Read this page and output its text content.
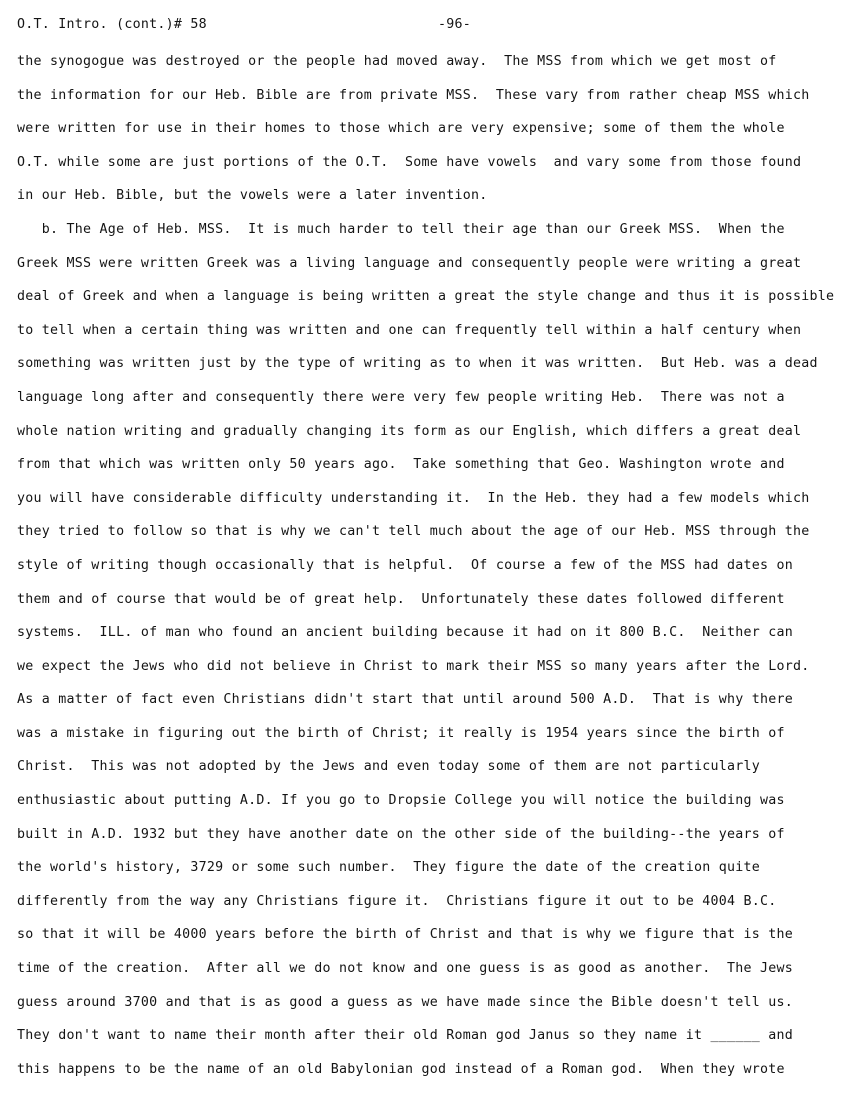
O.T. Intro. (cont.)# 58	-96-
the synogogue was destroyed or the people had moved away.  The MSS from which we get most of
the information for our Heb. Bible are from private MSS.  These vary from rather cheap MSS which
were written for use in their homes to those which are very expensive; some of them the whole
O.T. while some are just portions of the O.T.  Some have vowels  and vary some from those found
in our Heb. Bible, but the vowels were a later invention.
b. The Age of Heb. MSS.  It is much harder to tell their age than our Greek MSS.  When the
Greek MSS were written Greek was a living language and consequently people were writing a great
deal of Greek and when a language is being written a great the style change and thus it is possible
to tell when a certain thing was written and one can frequently tell within a half century when
something was written just by the type of writing as to when it was written.  But Heb. was a dead
language long after and consequently there were very few people writing Heb.  There was not a
whole nation writing and gradually changing its form as our English, which differs a great deal
from that which was written only 50 years ago.  Take something that Geo. Washington wrote and
you will have considerable difficulty understanding it.  In the Heb. they had a few models which
they tried to follow so that is why we can't tell much about the age of our Heb. MSS through the
style of writing though occasionally that is helpful.  Of course a few of the MSS had dates on
them and of course that would be of great help.  Unfortunately these dates followed different
systems.  ILL. of man who found an ancient building because it had on it 800 B.C.  Neither can
we expect the Jews who did not believe in Christ to mark their MSS so many years after the Lord.
As a matter of fact even Christians didn't start that until around 500 A.D.  That is why there
was a mistake in figuring out the birth of Christ; it really is 1954 years since the birth of
Christ.  This was not adopted by the Jews and even today some of them are not particularly
enthusiastic about putting A.D. If you go to Dropsie College you will notice the building was
built in A.D. 1932 but they have another date on the other side of the building--the years of
the world's history, 3729 or some such number.  They figure the date of the creation quite
differently from the way any Christians figure it.  Christians figure it out to be 4004 B.C.
so that it will be 4000 years before the birth of Christ and that is why we figure that is the
time of the creation.  After all we do not know and one guess is as good as another.  The Jews
guess around 3700 and that is as good a guess as we have made since the Bible doesn't tell us.
They don't want to name their month after their old Roman god Janus so they name it ______ and
this happens to be the name of an old Babylonian god instead of a Roman god.  When they wrote
